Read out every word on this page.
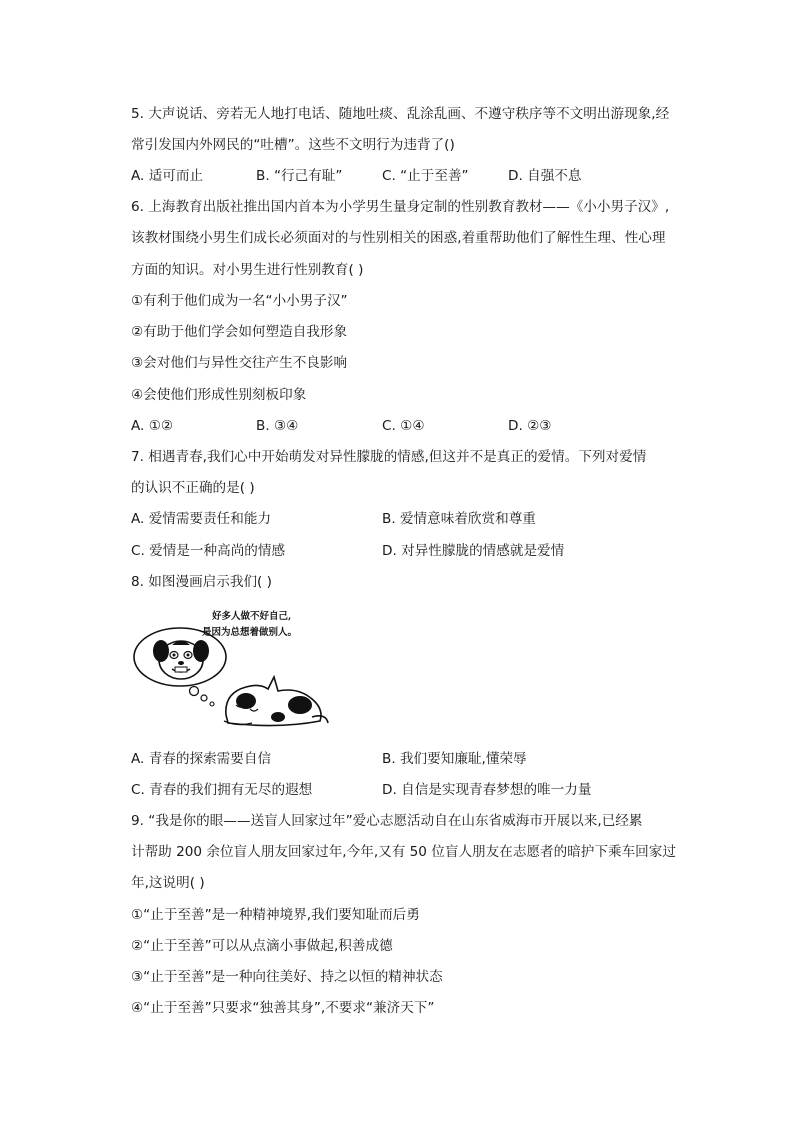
5. 大声说话、旁若无人地打电话、随地吐痰、乱涂乱画、不遵守秩序等不文明出游现象,经
常引发国内外网民的“吐槽”。这些不文明行为违背了()
A. 适可而止	B. “行己有耻”	C. “止于至善”	D. 自强不息
6. 上海教育出版社推出国内首本为小学男生量身定制的性别教育教材——《小小男子汉》,
该教材围绕小男生们成长必须面对的与性别相关的困惑,着重帮助他们了解性生理、性心理
方面的知识。对小男生进行性别教育( )
①有利于他们成为一名“小小男子汉”
②有助于他们学会如何塑造自我形象
③会对他们与异性交往产生不良影响
④会使他们形成性别刻板印象
A. ①②	B. ③④	C. ①④	D. ②③
7. 相遇青春,我们心中开始萌发对异性朦胧的情感,但这并不是真正的爱情。下列对爱情
的认识不正确的是( )
A. 爱情需要责任和能力	B. 爱情意味着欣赏和尊重
C. 爱情是一种高尚的情感	D. 对异性朦胧的情感就是爱情
8. 如图漫画启示我们( )
好多人做不好自己,
是因为总想着做别人。
A. 青春的探索需要自信	B. 我们要知廉耻,懂荣辱
C. 青春的我们拥有无尽的遐想	D. 自信是实现青春梦想的唯一力量
9. “我是你的眼——送盲人回家过年”爱心志愿活动自在山东省威海市开展以来,已经累
计帮助 200 余位盲人朋友回家过年,今年,又有 50 位盲人朋友在志愿者的暗护下乘车回家过
年,这说明( )
①“止于至善”是一种精神境界,我们要知耻而后勇
②“止于至善”可以从点滴小事做起,积善成德
③“止于至善”是一种向往美好、持之以恒的精神状态
④“止于至善”只要求“独善其身”,不要求“兼济天下”
